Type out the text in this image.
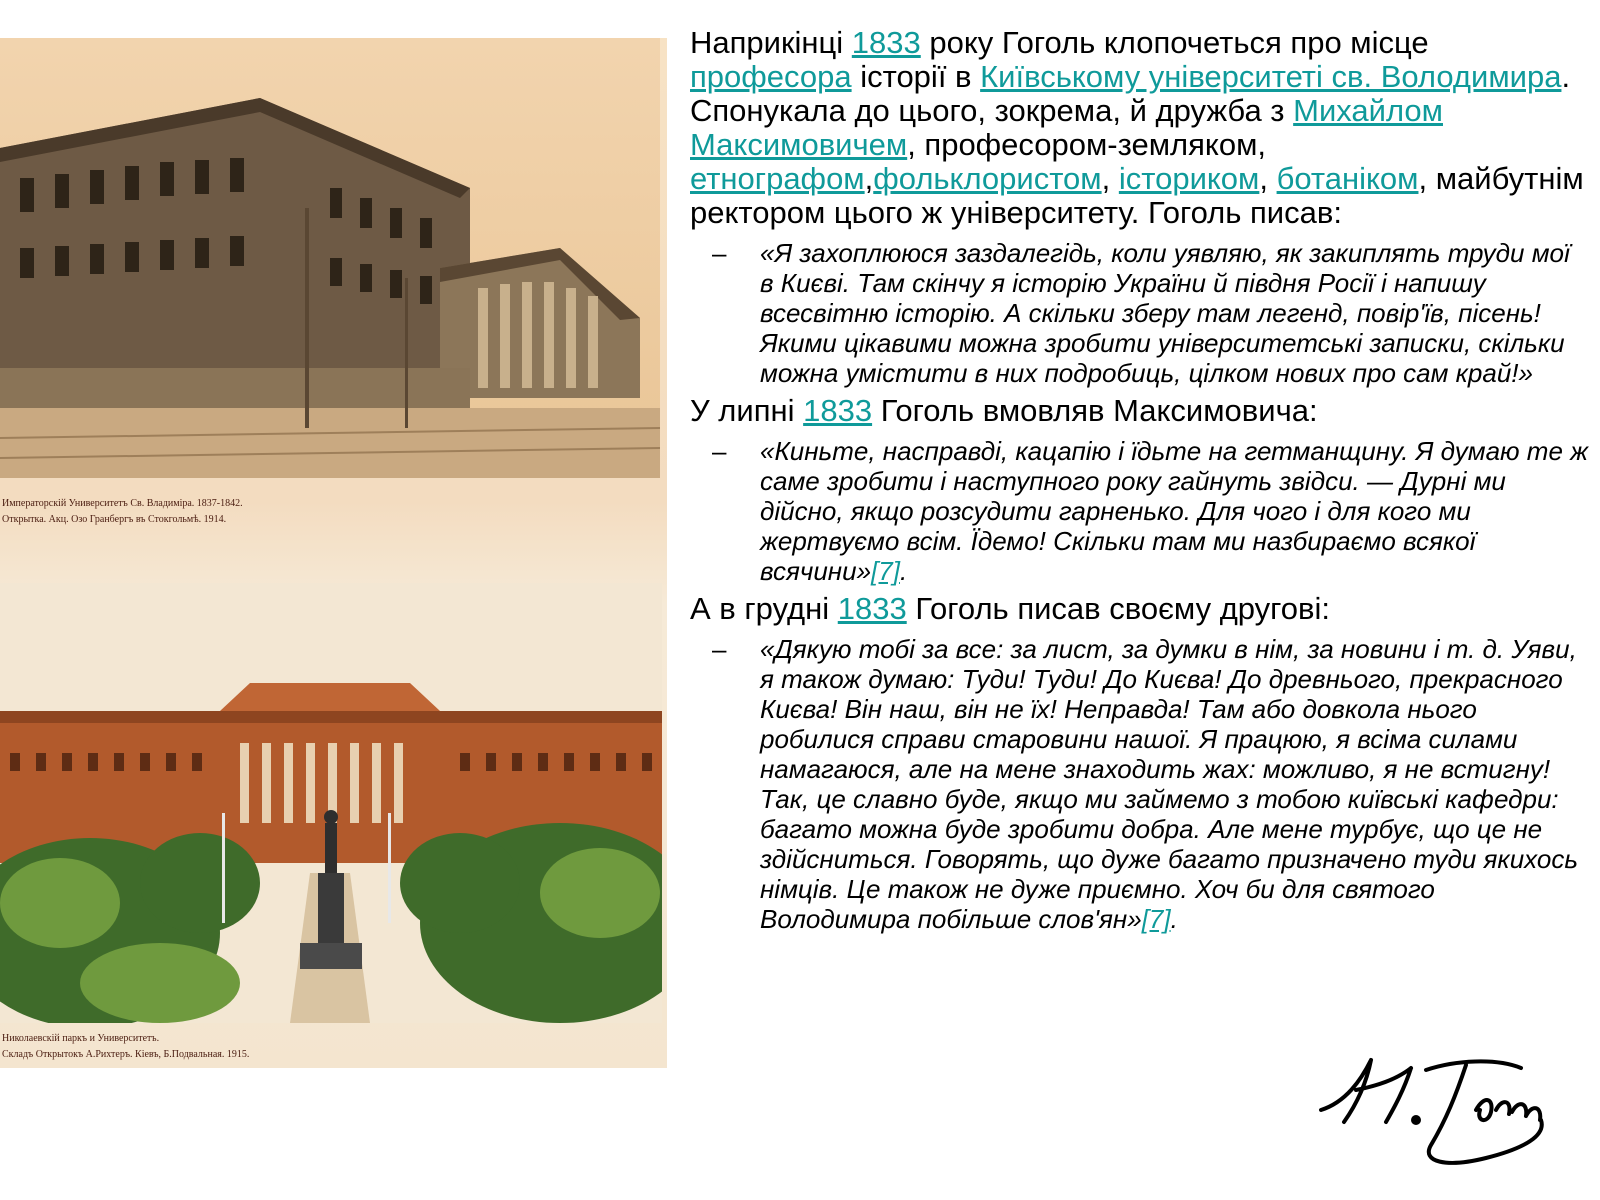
Императорскій Университетъ Св. Владиміра. 1837-1842.
Открытка. Акц. Озо Гранбергъ въ Стокгольмѣ. 1914.
Николаевскій паркъ и Университетъ.
Складъ Открытокъ А.Рихтеръ. Кіевъ, Б.Подвальная. 1915.

Наприкінці 1833 року Гоголь клопочеться про місце професора історії в Київському університеті св. Володимира. Спонукала до цього, зокрема, й дружба з Михайлом Максимовичем, професором-земляком, етнографом,фольклористом, істориком, ботаніком, майбутнім ректором цього ж університету. Гоголь писав:

– «Я захоплююся заздалегідь, коли уявляю, як закиплять труди мої в Києві. Там скінчу я історію України й півдня Росії і напишу всесвітню історію. А скільки зберу там легенд, повір'їв, пісень! Якими цікавими можна зробити університетські записки, скільки можна умістити в них подробиць, цілком нових про сам край!»

У липні 1833 Гоголь вмовляв Максимовича:

– «Киньте, насправді, кацапію і їдьте на гетманщину. Я думаю те ж саме зробити і наступного року гайнуть звідси. — Дурні ми дійсно, якщо розсудити гарненько. Для чого і для кого ми жертвуємо всім. Їдемо! Скільки там ми назбираємо всякої всячини»[7].

А в грудні 1833 Гоголь писав своєму другові:

– «Дякую тобі за все: за лист, за думки в нім, за новини і т. д. Уяви, я також думаю: Туди! Туди! До Києва! До древнього, прекрасного Києва! Він наш, він не їх! Неправда! Там або довкола нього робилися справи старовини нашої. Я працюю, я всіма силами намагаюся, але на мене знаходить жах: можливо, я не встигну! Так, це славно буде, якщо ми займемо з тобою київські кафедри: багато можна буде зробити добра. Але мене турбує, що це не здійсниться. Говорять, що дуже багато призначено туди якихось німців. Це також не дуже приємно. Хоч би для святого Володимира побільше слов'ян»[7].
